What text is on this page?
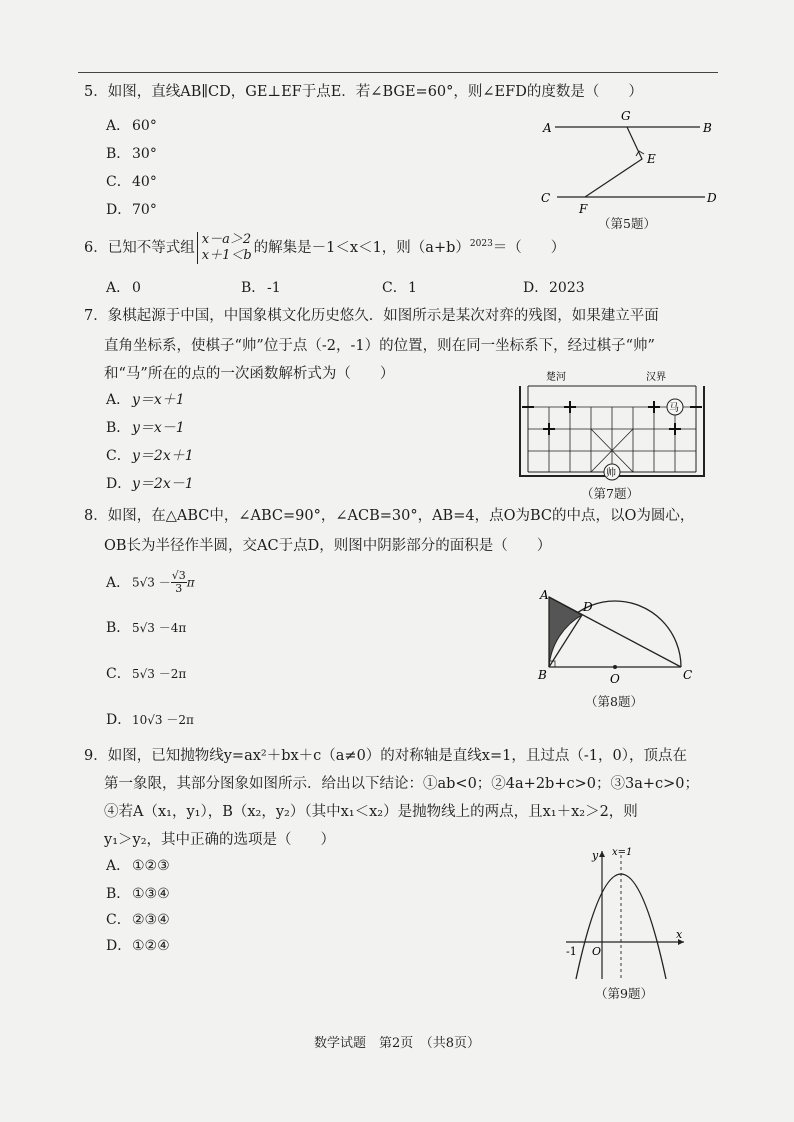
5．如图，直线AB∥CD，GE⊥EF于点E．若∠BGE=60°，则∠EFD的度数是（　　）
A． 60°
B． 30°
C．40°
D．70°
A
G
B
E
C
F
D
（第5题）
6．已知不等式组
x－a＞2
x＋1＜b 的解集是－1＜x＜1，则$(a+b)^{2023}=$（　　）
A． 0	B． -1	C．1	D．2023
7．象棋起源于中国，中国象棋文化历史悠久．如图所示是某次对弈的残图，如果建立平面
直角坐标系，使棋子“帅”位于点（-2，-1）的位置，则在同一坐标系下，经过棋子“帅”
和“马”所在的点的一次函数解析式为（　　）
A． y＝x＋1
B． y＝x－1
C．y＝2x＋1
D．y＝2x－1
楚河	汉界
马
帅
（第7题）
8．如图，在△ABC中，∠ABC=90°，∠ACB=30°，AB=4，点O为BC的中点，以O为圆心，
OB长为半径作半圆，交AC于点D，则图中阴影部分的面积是（　　）
A． $5√3 - \frac{√3}{3}$ π
B． 5√3 －4π
C．5√3 －2π
D．10√3 －2π
A
D
B	O	C
（第8题）
9．如图，已知抛物线y=ax²＋bx＋c（a≠0）的对称轴是直线x=1，且过点（-1，0），顶点在
第一象限，其部分图象如图所示．给出以下结论：①ab<0；②4a+2b+c>0；③3a+c>0；
④若A（x₁，y₁），B（x₂，y₂）（其中x₁＜x₂）是抛物线上的两点，且x₁＋x₂＞2，则
y₁＞y₂，其中正确的选项是（　　）
A． ①②③
B． ①③④
C．②③④
D．①②④
y
x
x=1
O
-1
（第9题）
数学试题　第2页　（共8页）
